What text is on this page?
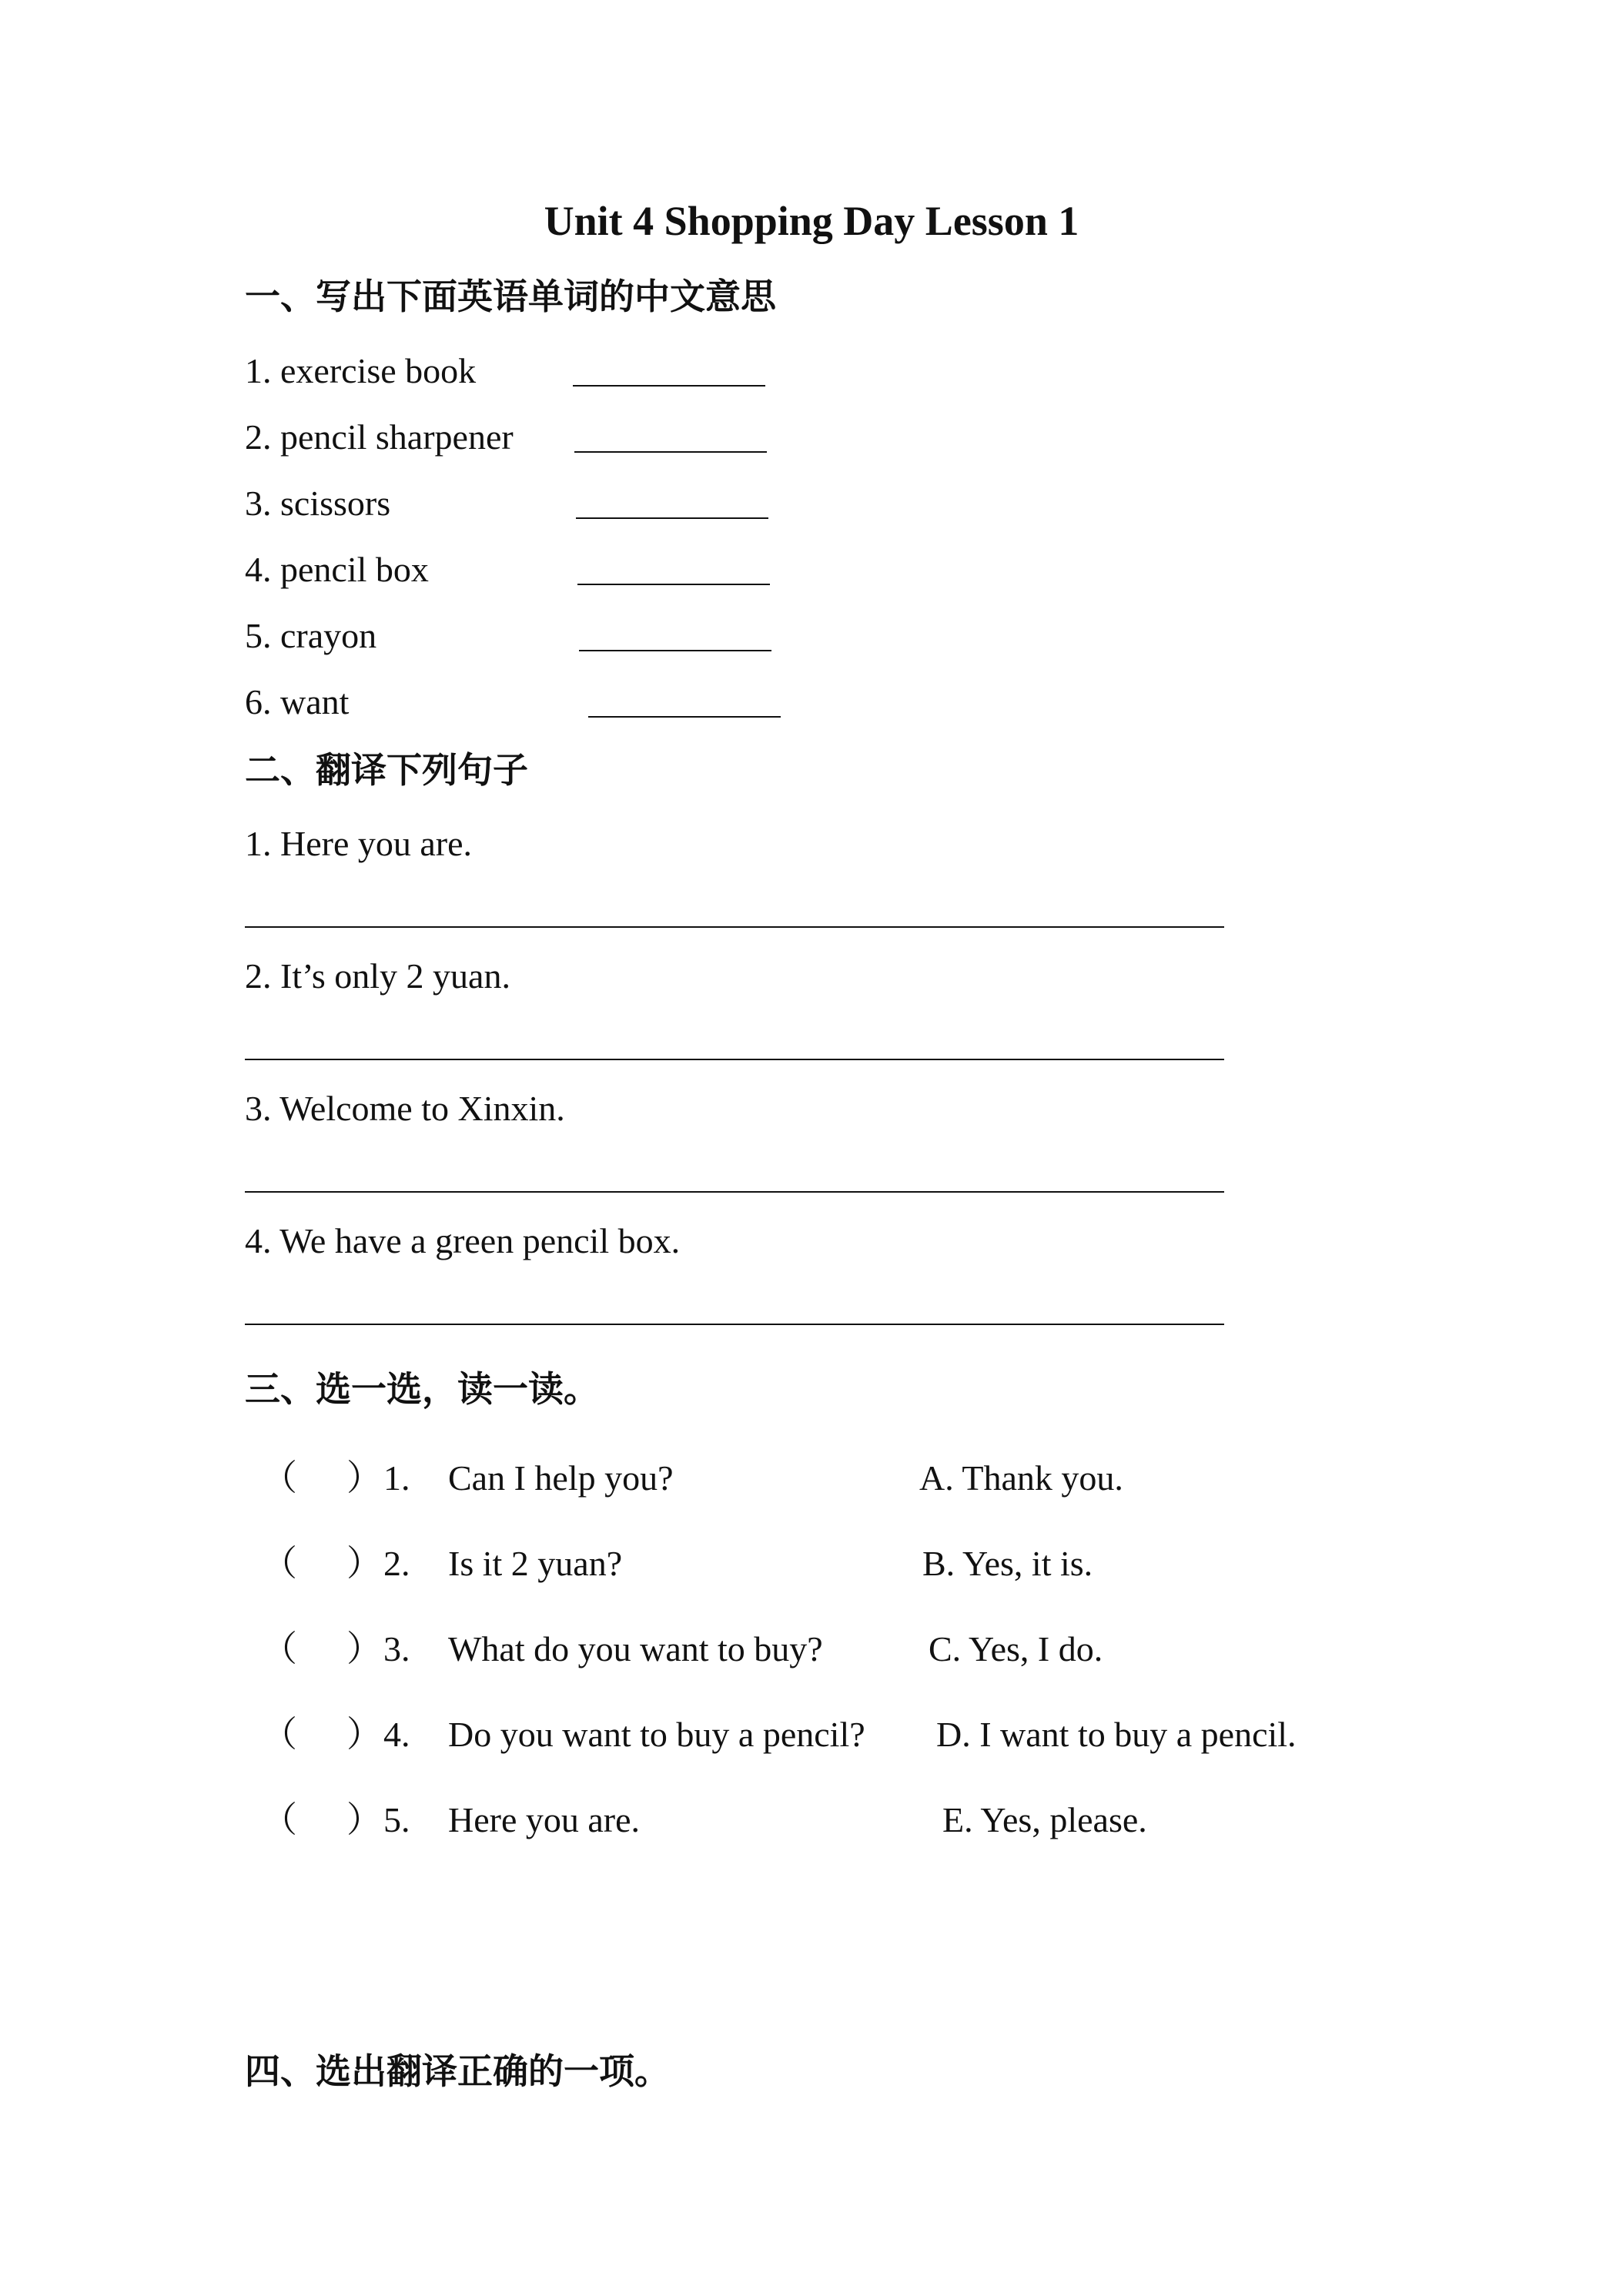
Unit 4 Shopping Day Lesson 1
一、写出下面英语单词的中文意思
1. exercise book
2. pencil sharpener
3. scissors
4. pencil box
5. crayon
6. want
二、翻译下列句子
1. Here you are.
2. It’s only 2 yuan.
3. Welcome to Xinxin.
4. We have a green pencil box.
三、选一选，读一读。
（ ） 1. Can I help you?	A. Thank you.
（ ） 2. Is it 2 yuan?	B. Yes, it is.
（ ） 3. What do you want to buy?	C. Yes, I do.
（ ） 4. Do you want to buy a pencil? D. I want to buy a pencil.
（ ） 5. Here you are.	E. Yes, please.
四、选出翻译正确的一项。
